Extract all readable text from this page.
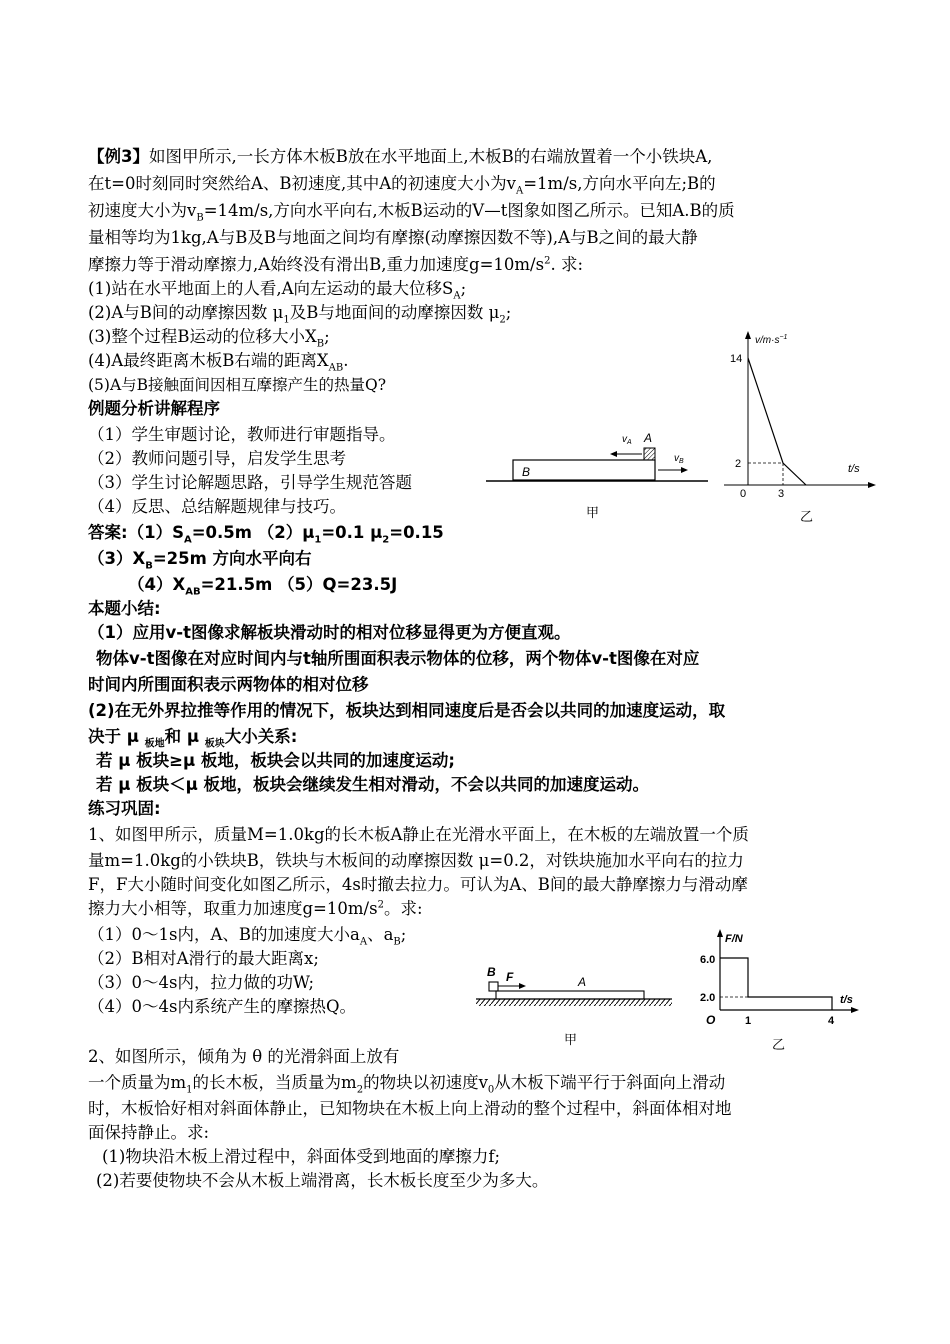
【例3】如图甲所示,一长方体木板B放在水平地面上,木板B的右端放置着一个小铁块A,
在t=0时刻同时突然给A、B初速度,其中A的初速度大小为$v_A=1m/s$,方向水平向左;B的
初速度大小为$v_B=14m/s$,方向水平向右,木板B运动的V—t图象如图乙所示。已知A.B的质
量相等均为1kg,A与B及B与地面之间均有摩擦(动摩擦因数不等),A与B之间的最大静
摩擦力等于滑动摩擦力,A始终没有滑出B,重力加速度$g=10m/s^2$. 求:
(1)站在水平地面上的人看,A向左运动的最大位移$S_A$;
(2)A与B间的动摩擦因数 $\mu_1$及B与地面间的动摩擦因数 $\mu_2$;
(3)整个过程B运动的位移大小$X_B$;
(4)A最终距离木板B右端的距离$X_{AB}$.
(5)A与B接触面间因相互摩擦产生的热量Q?
例题分析讲解程序
（1）学生审题讨论，教师进行审题指导。
（2）教师问题引导，启发学生思考
（3）学生讨论解题思路，引导学生规范答题
（4）反思、总结解题规律与技巧。
答案$:(1)S_A=0.5m$ $(2)\mu_1=0.1$ $\mu_2=0.15$
$(3)X_B=25m$ 方向水平向右
$(4)X_{AB}=21.5m$ （5）Q=23.5J
本题小结:
（1）应用v-t图像求解板块滑动时的相对位移显得更为方便直观。
物体v-t图像在对应时间内与t轴所围面积表示物体的位移，两个物体v-t图像在对应
时间内所围面积表示两物体的相对位移
(2)在无外界拉推等作用的情况下，板块达到相同速度后是否会以共同的加速度运动，取
决于 μ $_{板地}$和 μ $_{板块}$大小关系:
若 μ 板块≥μ 板地，板块会以共同的加速度运动;
若 μ 板块＜μ 板地，板块会继续发生相对滑动，不会以共同的加速度运动。
练习巩固:
1、如图甲所示，质量M=1.0kg的长木板A静止在光滑水平面上，在木板的左端放置一个质
量m=1.0kg的小铁块B，铁块与木板间的动摩擦因数 μ=0.2，对铁块施加水平向右的拉力
F，F大小随时间变化如图乙所示，4s时撤去拉力。可认为A、B间的最大静摩擦力与滑动摩
擦力大小相等，取重力加速度$g=10m/s^2$。求:
（1）0～1s内，A、B的加速度大小$a_A$、$a_B$;
（2）B相对A滑行的最大距离x;
（3）0～4s内，拉力做的功W;
（4）0～4s内系统产生的摩擦热Q。
2、如图所示，倾角为 θ 的光滑斜面上放有
一个质量为$m_1$的长木板，当质量为$m_2$的物块以初速度$v_0$从木板下端平行于斜面向上滑动
时，木板恰好相对斜面体静止，已知物块在木板上向上滑动的整个过程中，斜面体相对地
面保持静止。求:
(1)物块沿木板上滑过程中，斜面体受到地面的摩擦力f;
(2)若要使物块不会从木板上端滑离，长木板长度至少为多大。
B
A
$v_A$
$v_B$
甲
$v/m\cdot s^{-1}$
t/s
14
2
0	3
乙
B F	A
甲
F/N
t/s
6.0
2.0
O	1	4
乙
